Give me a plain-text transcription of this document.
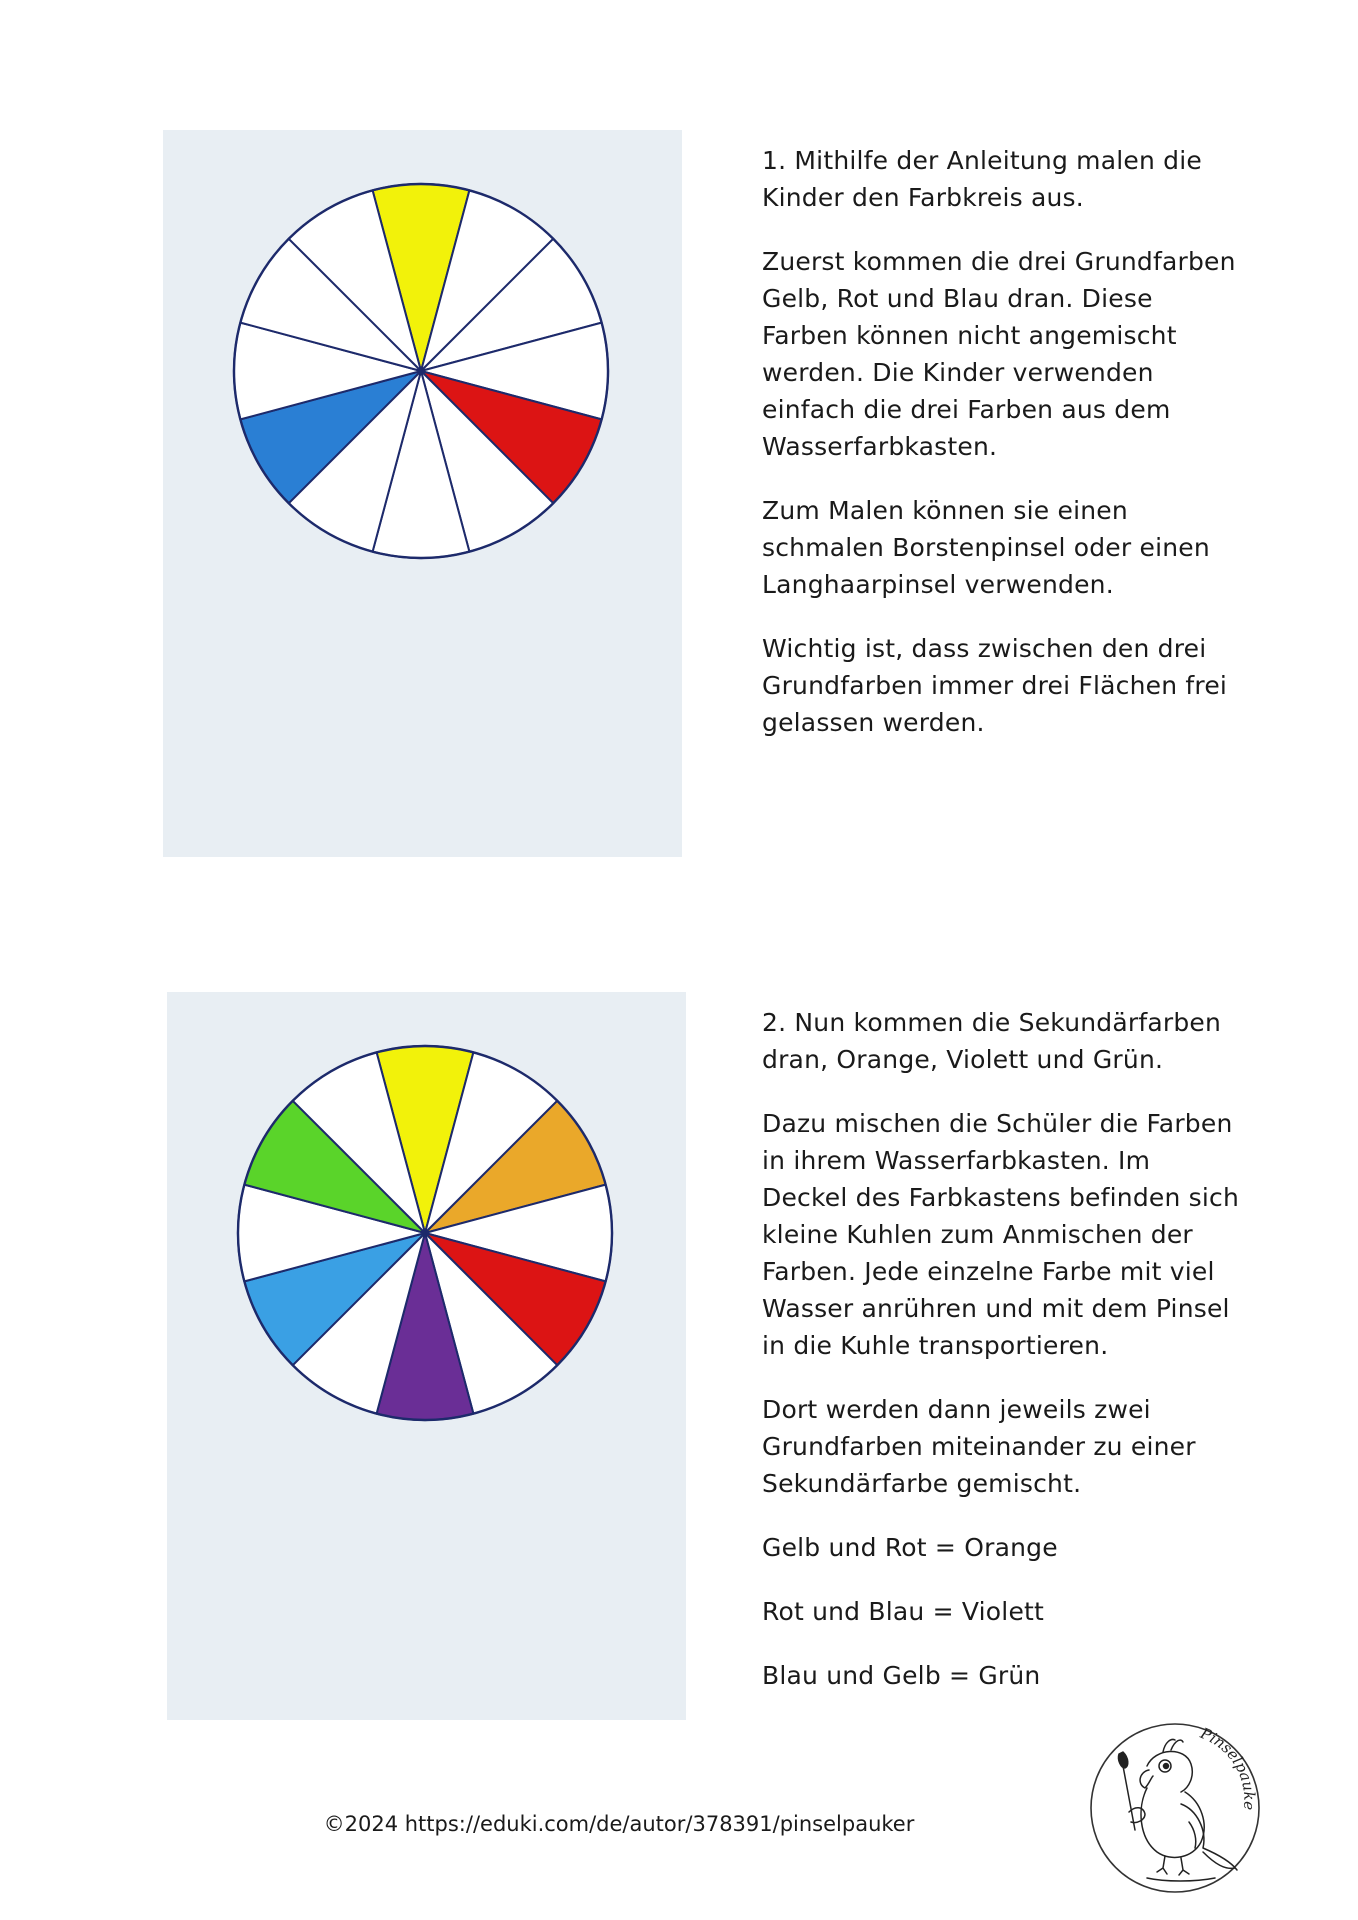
1. Mithilfe der Anleitung malen die
Kinder den Farbkreis aus.

Zuerst kommen die drei Grundfarben
Gelb, Rot und Blau dran. Diese
Farben können nicht angemischt
werden. Die Kinder verwenden
einfach die drei Farben aus dem
Wasserfarbkasten.

Zum Malen können sie einen
schmalen Borstenpinsel oder einen
Langhaarpinsel verwenden.

Wichtig ist, dass zwischen den drei
Grundfarben immer drei Flächen frei
gelassen werden.

2. Nun kommen die Sekundärfarben
dran, Orange, Violett und Grün.

Dazu mischen die Schüler die Farben
in ihrem Wasserfarbkasten. Im
Deckel des Farbkastens befinden sich
kleine Kuhlen zum Anmischen der
Farben. Jede einzelne Farbe mit viel
Wasser anrühren und mit dem Pinsel
in die Kuhle transportieren.

Dort werden dann jeweils zwei
Grundfarben miteinander zu einer
Sekundärfarbe gemischt.

Gelb und Rot = Orange

Rot und Blau = Violett

Blau und Gelb = Grün

©2024 https://eduki.com/de/autor/378391/pinselpauker
Pinselpauke
